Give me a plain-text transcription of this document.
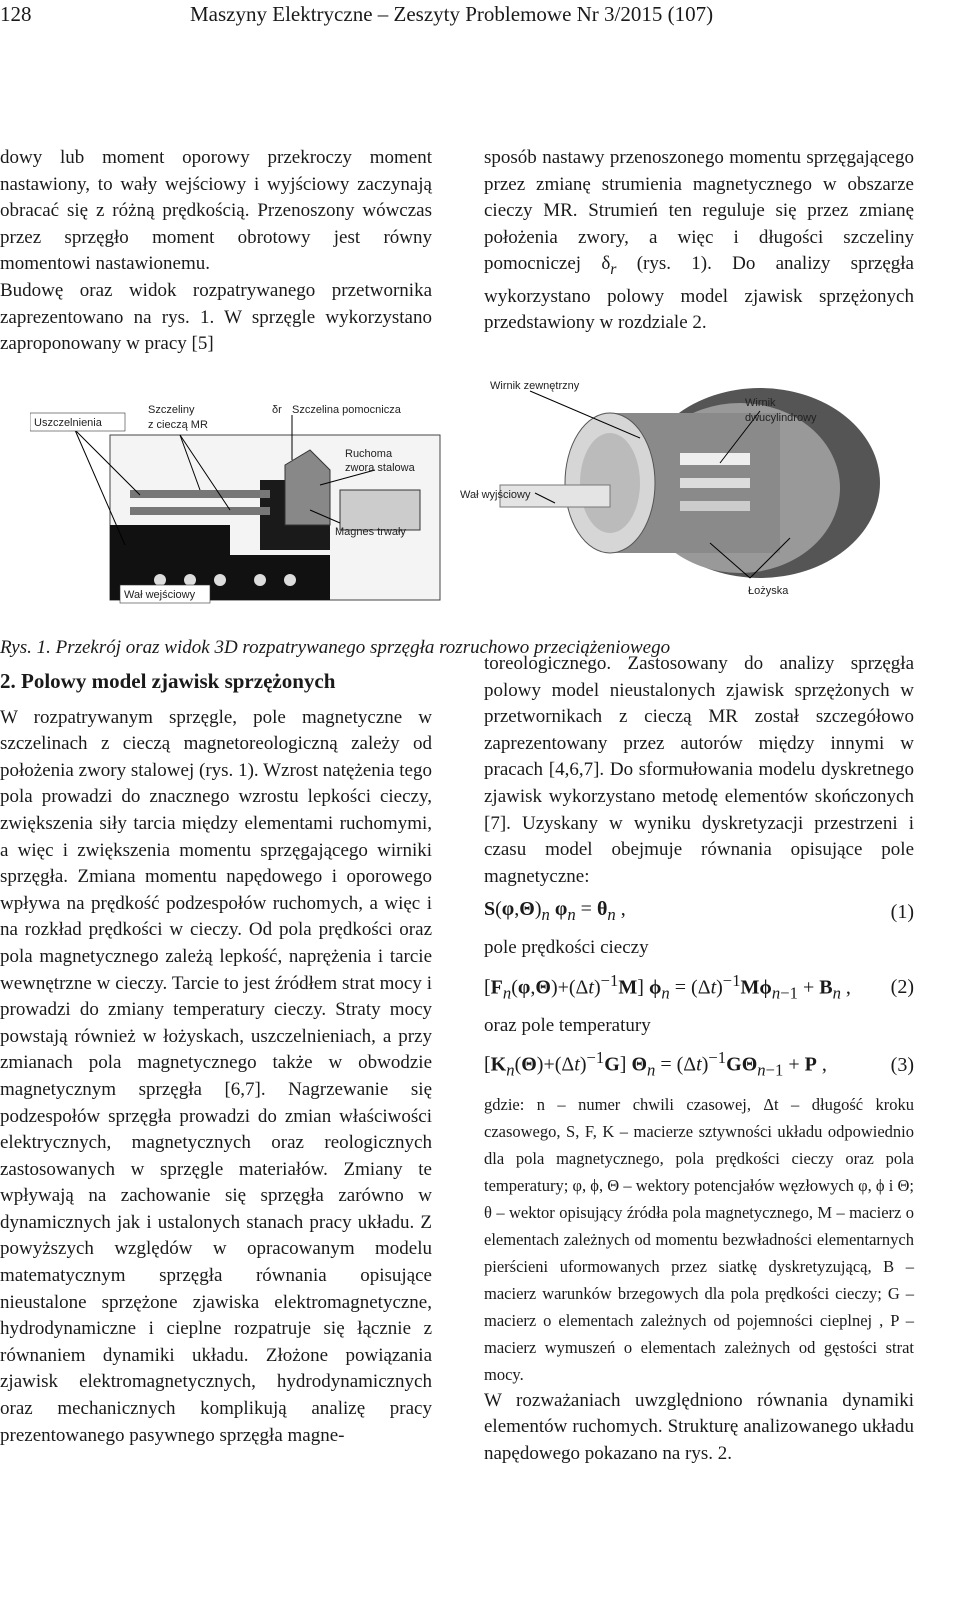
128	Maszyny Elektryczne – Zeszyty Problemowe Nr 3/2015 (107)

dowy lub moment oporowy przekroczy moment nastawiony, to wały wejściowy i wyjściowy zaczynają obracać się z różną prędkością. Przenoszony wówczas przez sprzęgło moment obrotowy jest równy momentowi nastawionemu.

Budowę oraz widok rozpatrywanego przetwornika zaprezentowano na rys. 1. W sprzęgle wykorzystano zaproponowany w pracy [5]

sposób nastawy przenoszonego momentu sprzęgającego przez zmianę strumienia magnetycznego w obszarze cieczy MR. Strumień ten reguluje się przez zmianę położenia zwory, a więc i długości szczeliny pomocniczej $\delta_r$ (rys. 1). Do analizy sprzęgła wykorzystano polowy model zjawisk sprzężonych przedstawiony w rozdziale 2.

Uszczelnienia
Szczeliny
z cieczą MR
δr Szczelina pomocnicza
Ruchoma
zwora stalowa
Magnes trwały
Wał wejściowy
Wirnik zewnętrzny
Wirnik
dwucylindrowy
Wał wyjściowy
Łożyska
Rys. 1. Przekrój oraz widok 3D rozpatrywanego sprzęgła rozruchowo przeciążeniowego

2. Polowy model zjawisk sprzężonych

W rozpatrywanym sprzęgle, pole magnetyczne w szczelinach z cieczą magnetoreologiczną zależy od położenia zwory stalowej (rys. 1). Wzrost natężenia tego pola prowadzi do znacznego wzrostu lepkości cieczy, zwiększenia siły tarcia między elementami ruchomymi, a więc i zwiększenia momentu sprzęgającego wirniki sprzęgła. Zmiana momentu napędowego i oporowego wpływa na prędkość podzespołów ruchomych, a więc i na rozkład prędkości w cieczy. Od pola prędkości oraz pola magnetycznego zależą lepkość, naprężenia i tarcie wewnętrzne w cieczy. Tarcie to jest źródłem strat mocy i prowadzi do zmiany temperatury cieczy. Straty mocy powstają również w łożyskach, uszczelnieniach, a przy zmianach pola magnetycznego także w obwodzie magnetycznym sprzęgła [6,7]. Nagrzewanie się podzespołów sprzęgła prowadzi do zmian właściwości elektrycznych, magnetycznych oraz reologicznych zastosowanych w sprzęgle materiałów. Zmiany te wpływają na zachowanie się sprzęgła zarówno w dynamicznych jak i ustalonych stanach pracy układu. Z powyższych względów w opracowanym modelu matematycznym sprzęgła równania opisujące nieustalone sprzężone zjawiska elektromagnetyczne, hydrodynamiczne i cieplne rozpatruje się łącznie z równaniem dynamiki układu. Złożone powiązania zjawisk elektromagnetycznych, hydrodynamicznych oraz mechanicznych komplikują analizę pracy prezentowanego pasywnego sprzęgła magne-

toreologicznego. Zastosowany do analizy sprzęgła polowy model nieustalonych zjawisk sprzężonych w przetwornikach z cieczą MR został szczegółowo zaprezentowany przez autorów między innymi w pracach [4,6,7]. Do sformułowania modelu dyskretnego zjawisk wykorzystano metodę elementów skończonych [7]. Uzyskany w wyniku dyskretyzacji przestrzeni i czasu model obejmuje równania opisujące pole magnetyczne:

$S(\varphi,\Theta)_n$ $\varphi_n = \theta_n$ ,	(1)

pole prędkości cieczy

$[F_n(\varphi,\Theta)+(\Delta t)^{-1}M] \phi_n = (\Delta t)^{-1}M\phi_{n-1} + B_n$ , (2)

oraz pole temperatury

$[K_n(\Theta)+(\Delta t)^{-1}G] \Theta_n = (\Delta t)^{-1}G\Theta_{n-1} + P$ ,	(3)

gdzie: n – numer chwili czasowej, Δt – długość kroku czasowego, S, F, K – macierze sztywności układu odpowiednio dla pola magnetycznego, pola prędkości cieczy oraz pola temperatury; φ, ϕ, Θ – wektory potencjałów węzłowych φ, ϕ i Θ; θ – wektor opisujący źródła pola magnetycznego, M – macierz o elementach zależnych od momentu bezwładności elementarnych pierścieni uformowanych przez siatkę dyskretyzującą, B – macierz warunków brzegowych dla pola prędkości cieczy; G – macierz o elementach zależnych od pojemności cieplnej , P – macierz wymuszeń o elementach zależnych od gęstości strat mocy.

W rozważaniach uwzględniono równania dynamiki elementów ruchomych. Strukturę analizowanego układu napędowego pokazano na rys. 2.
